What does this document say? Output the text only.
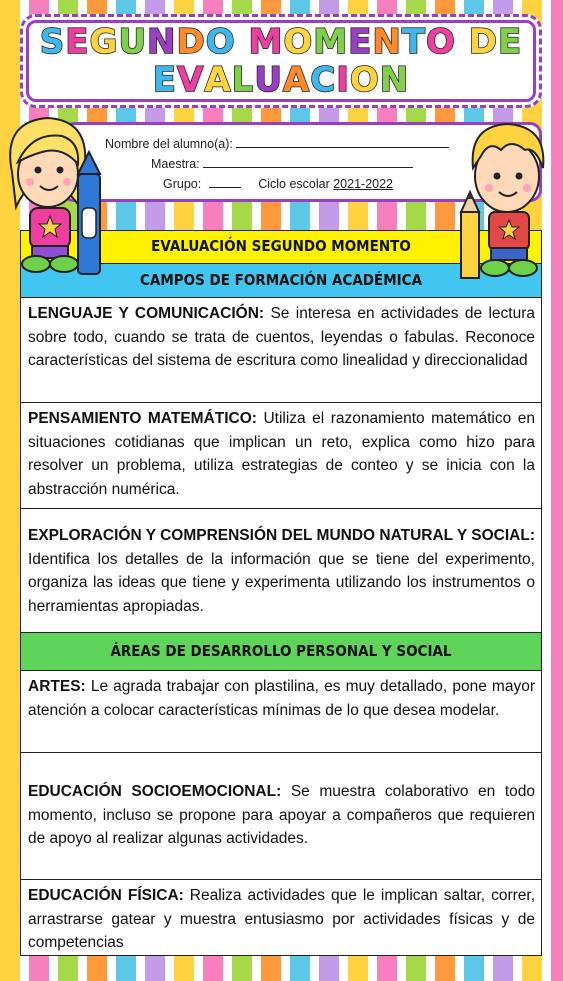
SEGUNDO MOMENTO DE
EVALUACION
Nombre del alumno(a):
Maestra:
Grupo:	Ciclo escolar 2021-2022
EVALUACIÓN SEGUNDO MOMENTO
CAMPOS DE FORMACIÓN ACADÉMICA
LENGUAJE Y COMUNICACIÓN: Se interesa en actividades de lectura sobre todo, cuando se trata de cuentos, leyendas o fabulas. Reconoce características del sistema de escritura como linealidad y direccionalidad
PENSAMIENTO MATEMÁTICO: Utiliza el razonamiento matemático en situaciones cotidianas que implican un reto, explica como hizo para resolver un problema, utiliza estrategias de conteo y se inicia con la abstracción numérica.
EXPLORACIÓN Y COMPRENSIÓN DEL MUNDO NATURAL Y SOCIAL: Identifica los detalles de la información que se tiene del experimento, organiza las ideas que tiene y experimenta utilizando los instrumentos o herramientas apropiadas.
ÁREAS DE DESARROLLO PERSONAL Y SOCIAL
ARTES: Le agrada trabajar con plastilina, es muy detallado, pone mayor atención a colocar características mínimas de lo que desea modelar.
EDUCACIÓN SOCIOEMOCIONAL: Se muestra colaborativo en todo momento, incluso se propone para apoyar a compañeros que requieren de apoyo al realizar algunas actividades.
EDUCACIÓN FÍSICA: Realiza actividades que le implican saltar, correr, arrastrarse gatear y muestra entusiasmo por actividades físicas y de competencias
